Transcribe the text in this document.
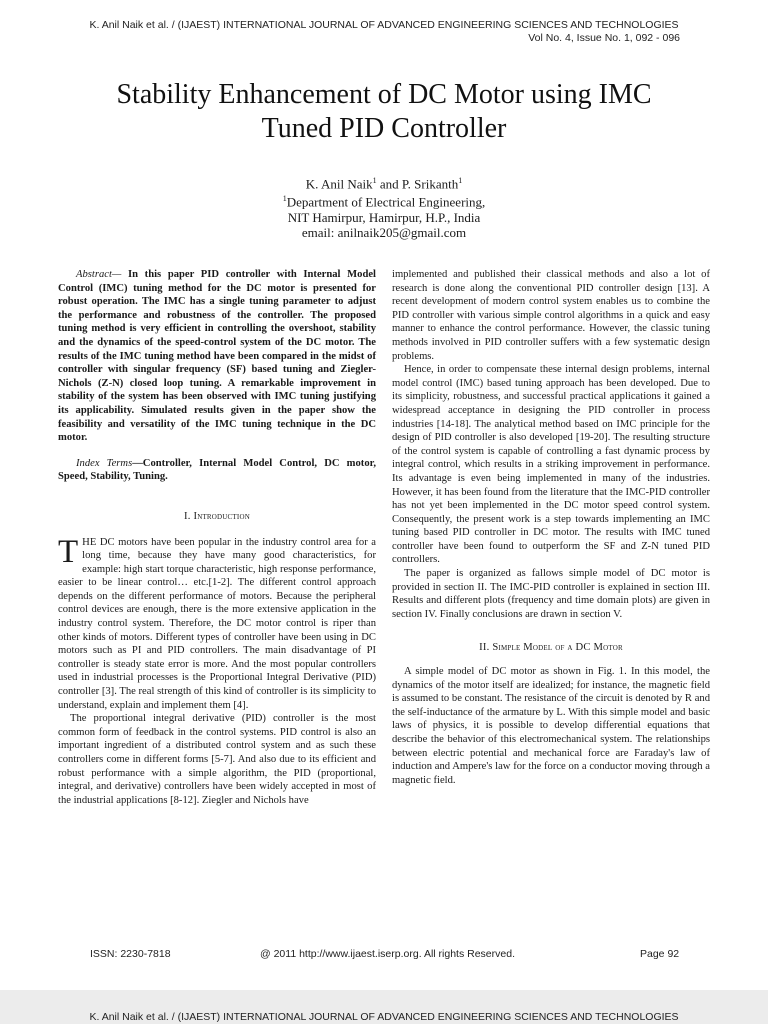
K. Anil Naik et al. / (IJAEST) INTERNATIONAL JOURNAL OF ADVANCED ENGINEERING SCIENCES AND TECHNOLOGIES
Vol No. 4, Issue No. 1, 092 - 096
Stability Enhancement of DC Motor using IMC
Tuned PID Controller
K. Anil Naik$^1$ and P. Srikanth$^1$
$^1$Department of Electrical Engineering,
NIT Hamirpur, Hamirpur, H.P., India
email: anilnaik205@gmail.com

Abstract— In this paper PID controller with Internal Model Control (IMC) tuning method for the DC motor is presented for robust operation. The IMC has a single tuning parameter to adjust the performance and robustness of the controller. The proposed tuning method is very efficient in controlling the overshoot, stability and the dynamics of the speed-control system of the DC motor. The results of the IMC tuning method have been compared in the midst of controller with singular frequency (SF) based tuning and Ziegler-Nichols (Z-N) closed loop tuning. A remarkable improvement in stability of the system has been observed with IMC tuning justifying its applicability. Simulated results given in the paper show the feasibility and versatility of the IMC tuning technique in the DC motor.

Index Terms—Controller, Internal Model Control, DC motor, Speed, Stability, Tuning.

I. Introduction

THE DC motors have been popular in the industry control area for a long time, because they have many good characteristics, for example: high start torque characteristic, high response performance, easier to be linear control… etc.[1-2]. The different control approach depends on the different performance of motors. Because the peripheral control devices are enough, there is the more extensive application in the industry control system. Therefore, the DC motor control is riper than other kinds of motors. Different types of controller have been using in DC motors such as PI and PID controllers. The main disadvantage of PI controller is steady state error is more. And the most popular controllers used in industrial processes is the Proportional Integral Derivative (PID) controller [3]. The real strength of this kind of controller is its simplicity to understand, explain and implement them [4].

The proportional integral derivative (PID) controller is the most common form of feedback in the control systems. PID control is also an important ingredient of a distributed control system and as such these controllers come in different forms [5-7]. And also due to its efficient and robust performance with a simple algorithm, the PID (proportional, integral, and derivative) controllers have been widely accepted in most of the industrial applications [8-12]. Ziegler and Nichols have

implemented and published their classical methods and also a lot of research is done along the conventional PID controller design [13]. A recent development of modern control system enables us to combine the PID controller with various simple control algorithms in a quick and easy manner to enhance the control performance. However, the classic tuning methods involved in PID controller suffers with a few systematic design problems.

Hence, in order to compensate these internal design problems, internal model control (IMC) based tuning approach has been developed. Due to its simplicity, robustness, and successful practical applications it gained a widespread acceptance in designing the PID controller in process industries [14-18]. The analytical method based on IMC principle for the design of PID controller is also developed [19-20]. The resulting structure of the control system is capable of controlling a fast dynamic process by integral control, which results in a striking improvement in performance. Its advantage is even being implemented in many of the industries. However, it has been found from the literature that the IMC-PID controller has not yet been implemented in the DC motor speed control system. Consequently, the present work is a step towards implementing an IMC tuning based PID controller in DC motor. The results with IMC tuned controller have been found to outperform the SF and Z-N tuned PID controllers.

The paper is organized as fallows simple model of DC motor is provided in section II. The IMC-PID controller is explained in section III. Results and different plots (frequency and time domain plots) are given in section IV. Finally conclusions are drawn in section V.

II. Simple Model of a DC Motor

A simple model of DC motor as shown in Fig. 1. In this model, the dynamics of the motor itself are idealized; for instance, the magnetic field is assumed to be constant. The resistance of the circuit is denoted by R and the self-inductance of the armature by L. With this simple model and basic laws of physics, it is possible to develop differential equations that describe the behavior of this electromechanical system. The relationships between electric potential and mechanical force are Faraday's law of induction and Ampere's law for the force on a conductor moving through a magnetic field.

ISSN: 2230-7818	@ 2011 http://www.ijaest.iserp.org. All rights Reserved.	Page 92
K. Anil Naik et al. / (IJAEST) INTERNATIONAL JOURNAL OF ADVANCED ENGINEERING SCIENCES AND TECHNOLOGIES
